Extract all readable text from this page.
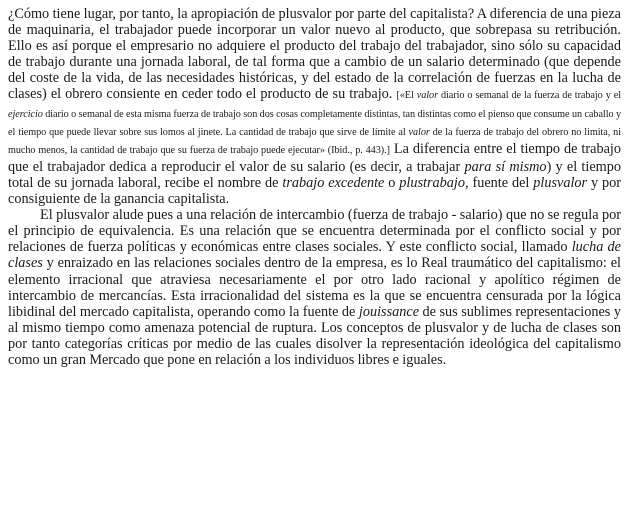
¿Cómo tiene lugar, por tanto, la apropiación de plusvalor por parte del capitalista? A diferencia de una pieza de maquinaria, el trabajador puede incorporar un valor nuevo al producto, que sobrepasa su retribución. Ello es así porque el empresario no adquiere el producto del trabajo del trabajador, sino sólo su capacidad de trabajo durante una jornada laboral, de tal forma que a cambio de un salario determinado (que depende del coste de la vida, de las necesidades históricas, y del estado de la correlación de fuerzas en la lucha de clases) el obrero consiente en ceder todo el producto de su trabajo. [«El valor diario o semanal de la fuerza de trabajo y el ejercicio diario o semanal de esta misma fuerza de trabajo son dos cosas completamente distintas, tan distintas como el pienso que consume un caballo y el tiempo que puede llevar sobre sus lomos al jinete. La cantidad de trabajo que sirve de límite al valor de la fuerza de trabajo del obrero no limita, ni mucho menos, la cantidad de trabajo que su fuerza de trabajo puede ejecutar» (Ibid., p. 443).] La diferencia entre el tiempo de trabajo que el trabajador dedica a reproducir el valor de su salario (es decir, a trabajar para sí mismo) y el tiempo total de su jornada laboral, recibe el nombre de trabajo excedente o plustrabajo, fuente del plusvalor y por consiguiente de la ganancia capitalista.

El plusvalor alude pues a una relación de intercambio (fuerza de trabajo - salario) que no se regula por el principio de equivalencia. Es una relación que se encuentra determinada por el conflicto social y por relaciones de fuerza políticas y económicas entre clases sociales. Y este conflicto social, llamado lucha de clases y enraizado en las relaciones sociales dentro de la empresa, es lo Real traumático del capitalismo: el elemento irracional que atraviesa necesariamente el por otro lado racional y apolítico régimen de intercambio de mercancías. Esta irracionalidad del sistema es la que se encuentra censurada por la lógica libidinal del mercado capitalista, operando como la fuente de jouissance de sus sublimes representaciones y al mismo tiempo como amenaza potencial de ruptura. Los conceptos de plusvalor y de lucha de clases son por tanto categorías críticas por medio de las cuales disolver la representación ideológica del capitalismo como un gran Mercado que pone en relación a los individuos libres e iguales.
